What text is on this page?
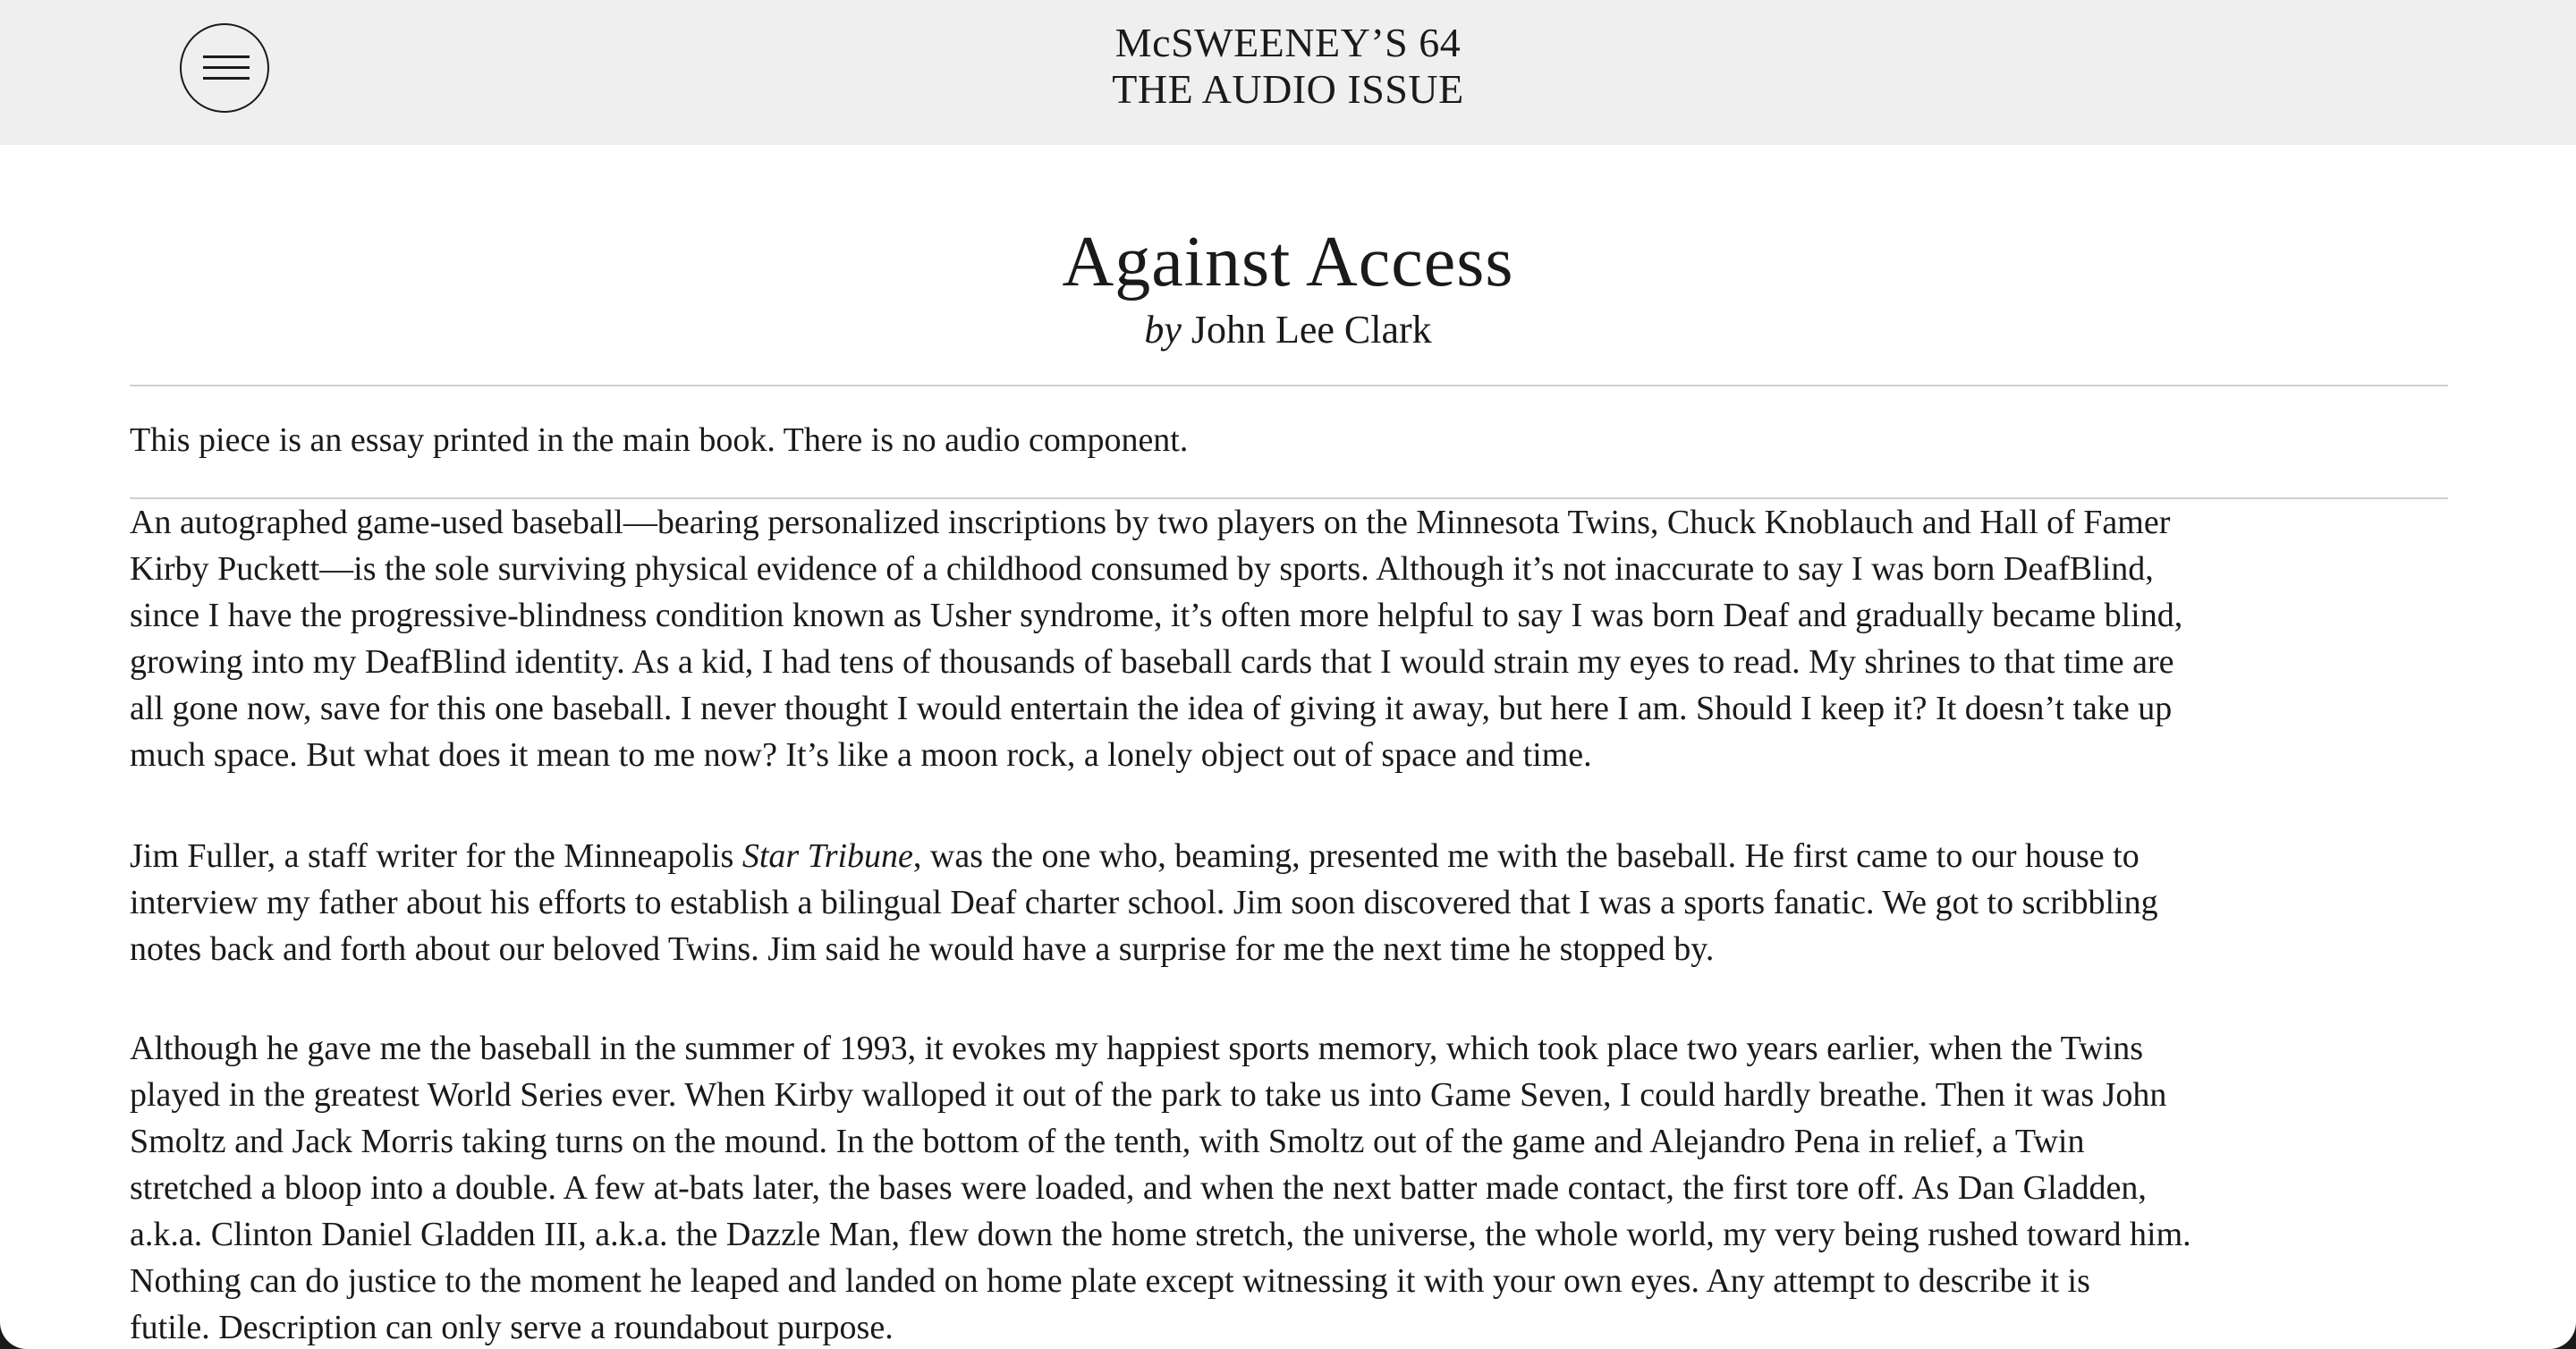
McSWEENEY’S 64
THE AUDIO ISSUE
Against Access
by John Lee Clark
This piece is an essay printed in the main book. There is no audio component.
An autographed game-used baseball—bearing personalized inscriptions by two players on the Minnesota Twins, Chuck Knoblauch and Hall of Famer
Kirby Puckett—is the sole surviving physical evidence of a childhood consumed by sports. Although it’s not inaccurate to say I was born DeafBlind,
since I have the progressive-blindness condition known as Usher syndrome, it’s often more helpful to say I was born Deaf and gradually became blind,
growing into my DeafBlind identity. As a kid, I had tens of thousands of baseball cards that I would strain my eyes to read. My shrines to that time are
all gone now, save for this one baseball. I never thought I would entertain the idea of giving it away, but here I am. Should I keep it? It doesn’t take up
much space. But what does it mean to me now? It’s like a moon rock, a lonely object out of space and time.
Jim Fuller, a staff writer for the Minneapolis Star Tribune, was the one who, beaming, presented me with the baseball. He first came to our house to
interview my father about his efforts to establish a bilingual Deaf charter school. Jim soon discovered that I was a sports fanatic. We got to scribbling
notes back and forth about our beloved Twins. Jim said he would have a surprise for me the next time he stopped by.
Although he gave me the baseball in the summer of 1993, it evokes my happiest sports memory, which took place two years earlier, when the Twins
played in the greatest World Series ever. When Kirby walloped it out of the park to take us into Game Seven, I could hardly breathe. Then it was John
Smoltz and Jack Morris taking turns on the mound. In the bottom of the tenth, with Smoltz out of the game and Alejandro Pena in relief, a Twin
stretched a bloop into a double. A few at-bats later, the bases were loaded, and when the next batter made contact, the first tore off. As Dan Gladden,
a.k.a. Clinton Daniel Gladden III, a.k.a. the Dazzle Man, flew down the home stretch, the universe, the whole world, my very being rushed toward him.
Nothing can do justice to the moment he leaped and landed on home plate except witnessing it with your own eyes. Any attempt to describe it is
futile. Description can only serve a roundabout purpose.
